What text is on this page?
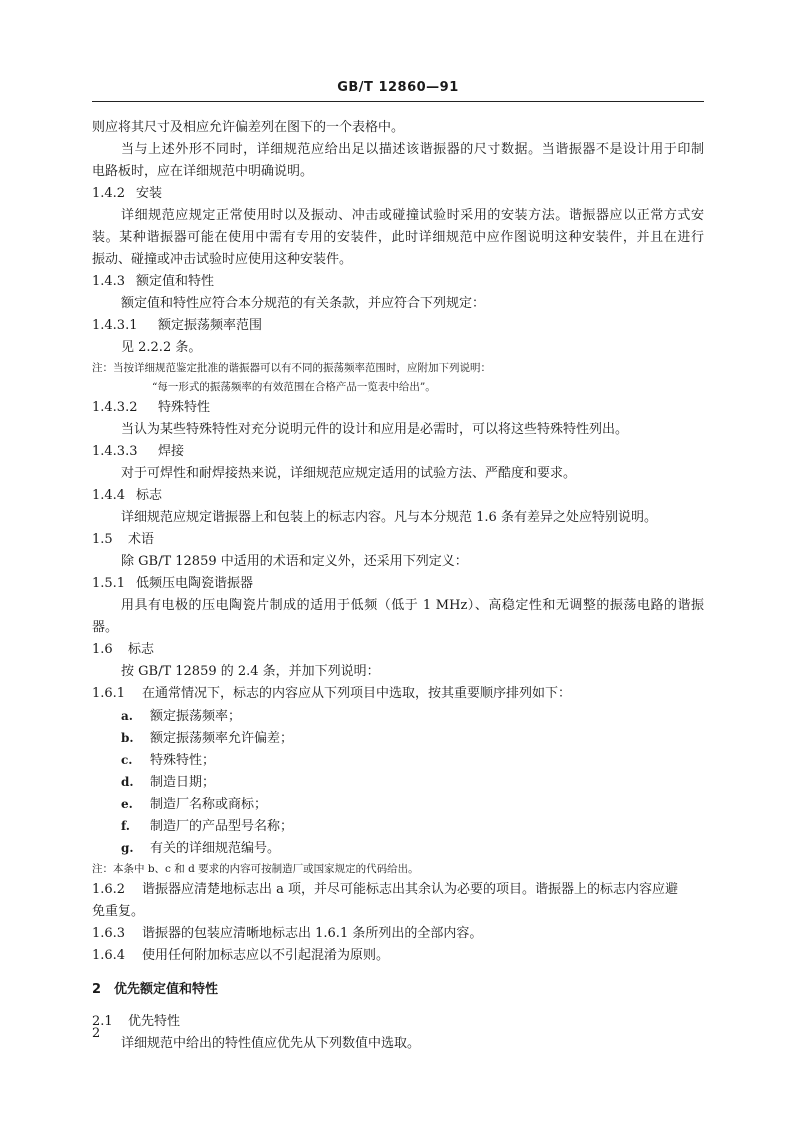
GB/T 12860—91
则应将其尺寸及相应允许偏差列在图下的一个表格中。
当与上述外形不同时，详细规范应给出足以描述该谐振器的尺寸数据。当谐振器不是设计用于印制
电路板时，应在详细规范中明确说明。
1.4.2 安装
详细规范应规定正常使用时以及振动、冲击或碰撞试验时采用的安装方法。谐振器应以正常方式安
装。某种谐振器可能在使用中需有专用的安装件，此时详细规范中应作图说明这种安装件，并且在进行
振动、碰撞或冲击试验时应使用这种安装件。
1.4.3 额定值和特性
额定值和特性应符合本分规范的有关条款，并应符合下列规定：
1.4.3.1 额定振荡频率范围
见 2.2.2 条。
注：当按详细规范鉴定批准的谐振器可以有不同的振荡频率范围时，应附加下列说明：
“每一形式的振荡频率的有效范围在合格产品一览表中给出”。
1.4.3.2 特殊特性
当认为某些特殊特性对充分说明元件的设计和应用是必需时，可以将这些特殊特性列出。
1.4.3.3 焊接
对于可焊性和耐焊接热来说，详细规范应规定适用的试验方法、严酷度和要求。
1.4.4 标志
详细规范应规定谐振器上和包装上的标志内容。凡与本分规范 1.6 条有差异之处应特别说明。
1.5 术语
除 GB/T 12859 中适用的术语和定义外，还采用下列定义：
1.5.1 低频压电陶瓷谐振器
用具有电极的压电陶瓷片制成的适用于低频（低于 1 MHz）、高稳定性和无调整的振荡电路的谐振
器。
1.6 标志
按 GB/T 12859 的 2.4 条，并加下列说明：
1.6.1 在通常情况下，标志的内容应从下列项目中选取，按其重要顺序排列如下：
a. 额定振荡频率；
b. 额定振荡频率允许偏差；
c. 特殊特性；
d. 制造日期；
e. 制造厂名称或商标；
f. 制造厂的产品型号名称；
g. 有关的详细规范编号。
注：本条中 b、c 和 d 要求的内容可按制造厂或国家规定的代码给出。
1.6.2 谐振器应清楚地标志出 a 项，并尽可能标志出其余认为必要的项目。谐振器上的标志内容应避
免重复。
1.6.3 谐振器的包装应清晰地标志出 1.6.1 条所列出的全部内容。
1.6.4 使用任何附加标志应以不引起混淆为原则。
2 优先额定值和特性
2.1 优先特性
详细规范中给出的特性值应优先从下列数值中选取。
2
